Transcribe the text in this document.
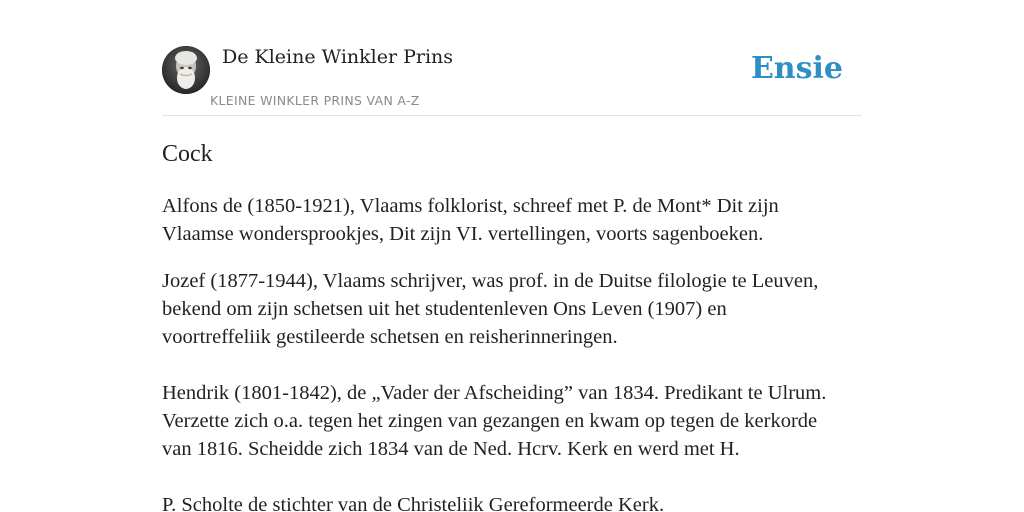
De Kleine Winkler Prins
KLEINE WINKLER PRINS VAN A-Z
Ensie
Cock

Alfons de (1850-1921), Vlaams folklorist, schreef met P. de Mont* Dit zijn
Vlaamse wondersprookjes, Dit zijn VI. vertellingen, voorts sagenboeken.

Jozef (1877-1944), Vlaams schrijver, was prof. in de Duitse filologie te Leuven,
bekend om zijn schetsen uit het studentenleven Ons Leven (1907) en
voortreffeliik gestileerde schetsen en reisherinneringen.

Hendrik (1801-1842), de „Vader der Afscheiding” van 1834. Predikant te Ulrum.
Verzette zich o.a. tegen het zingen van gezangen en kwam op tegen de kerkorde
van 1816. Scheidde zich 1834 van de Ned. Hcrv. Kerk en werd met H.

P. Scholte de stichter van de Christeliik Gereformeerde Kerk.
